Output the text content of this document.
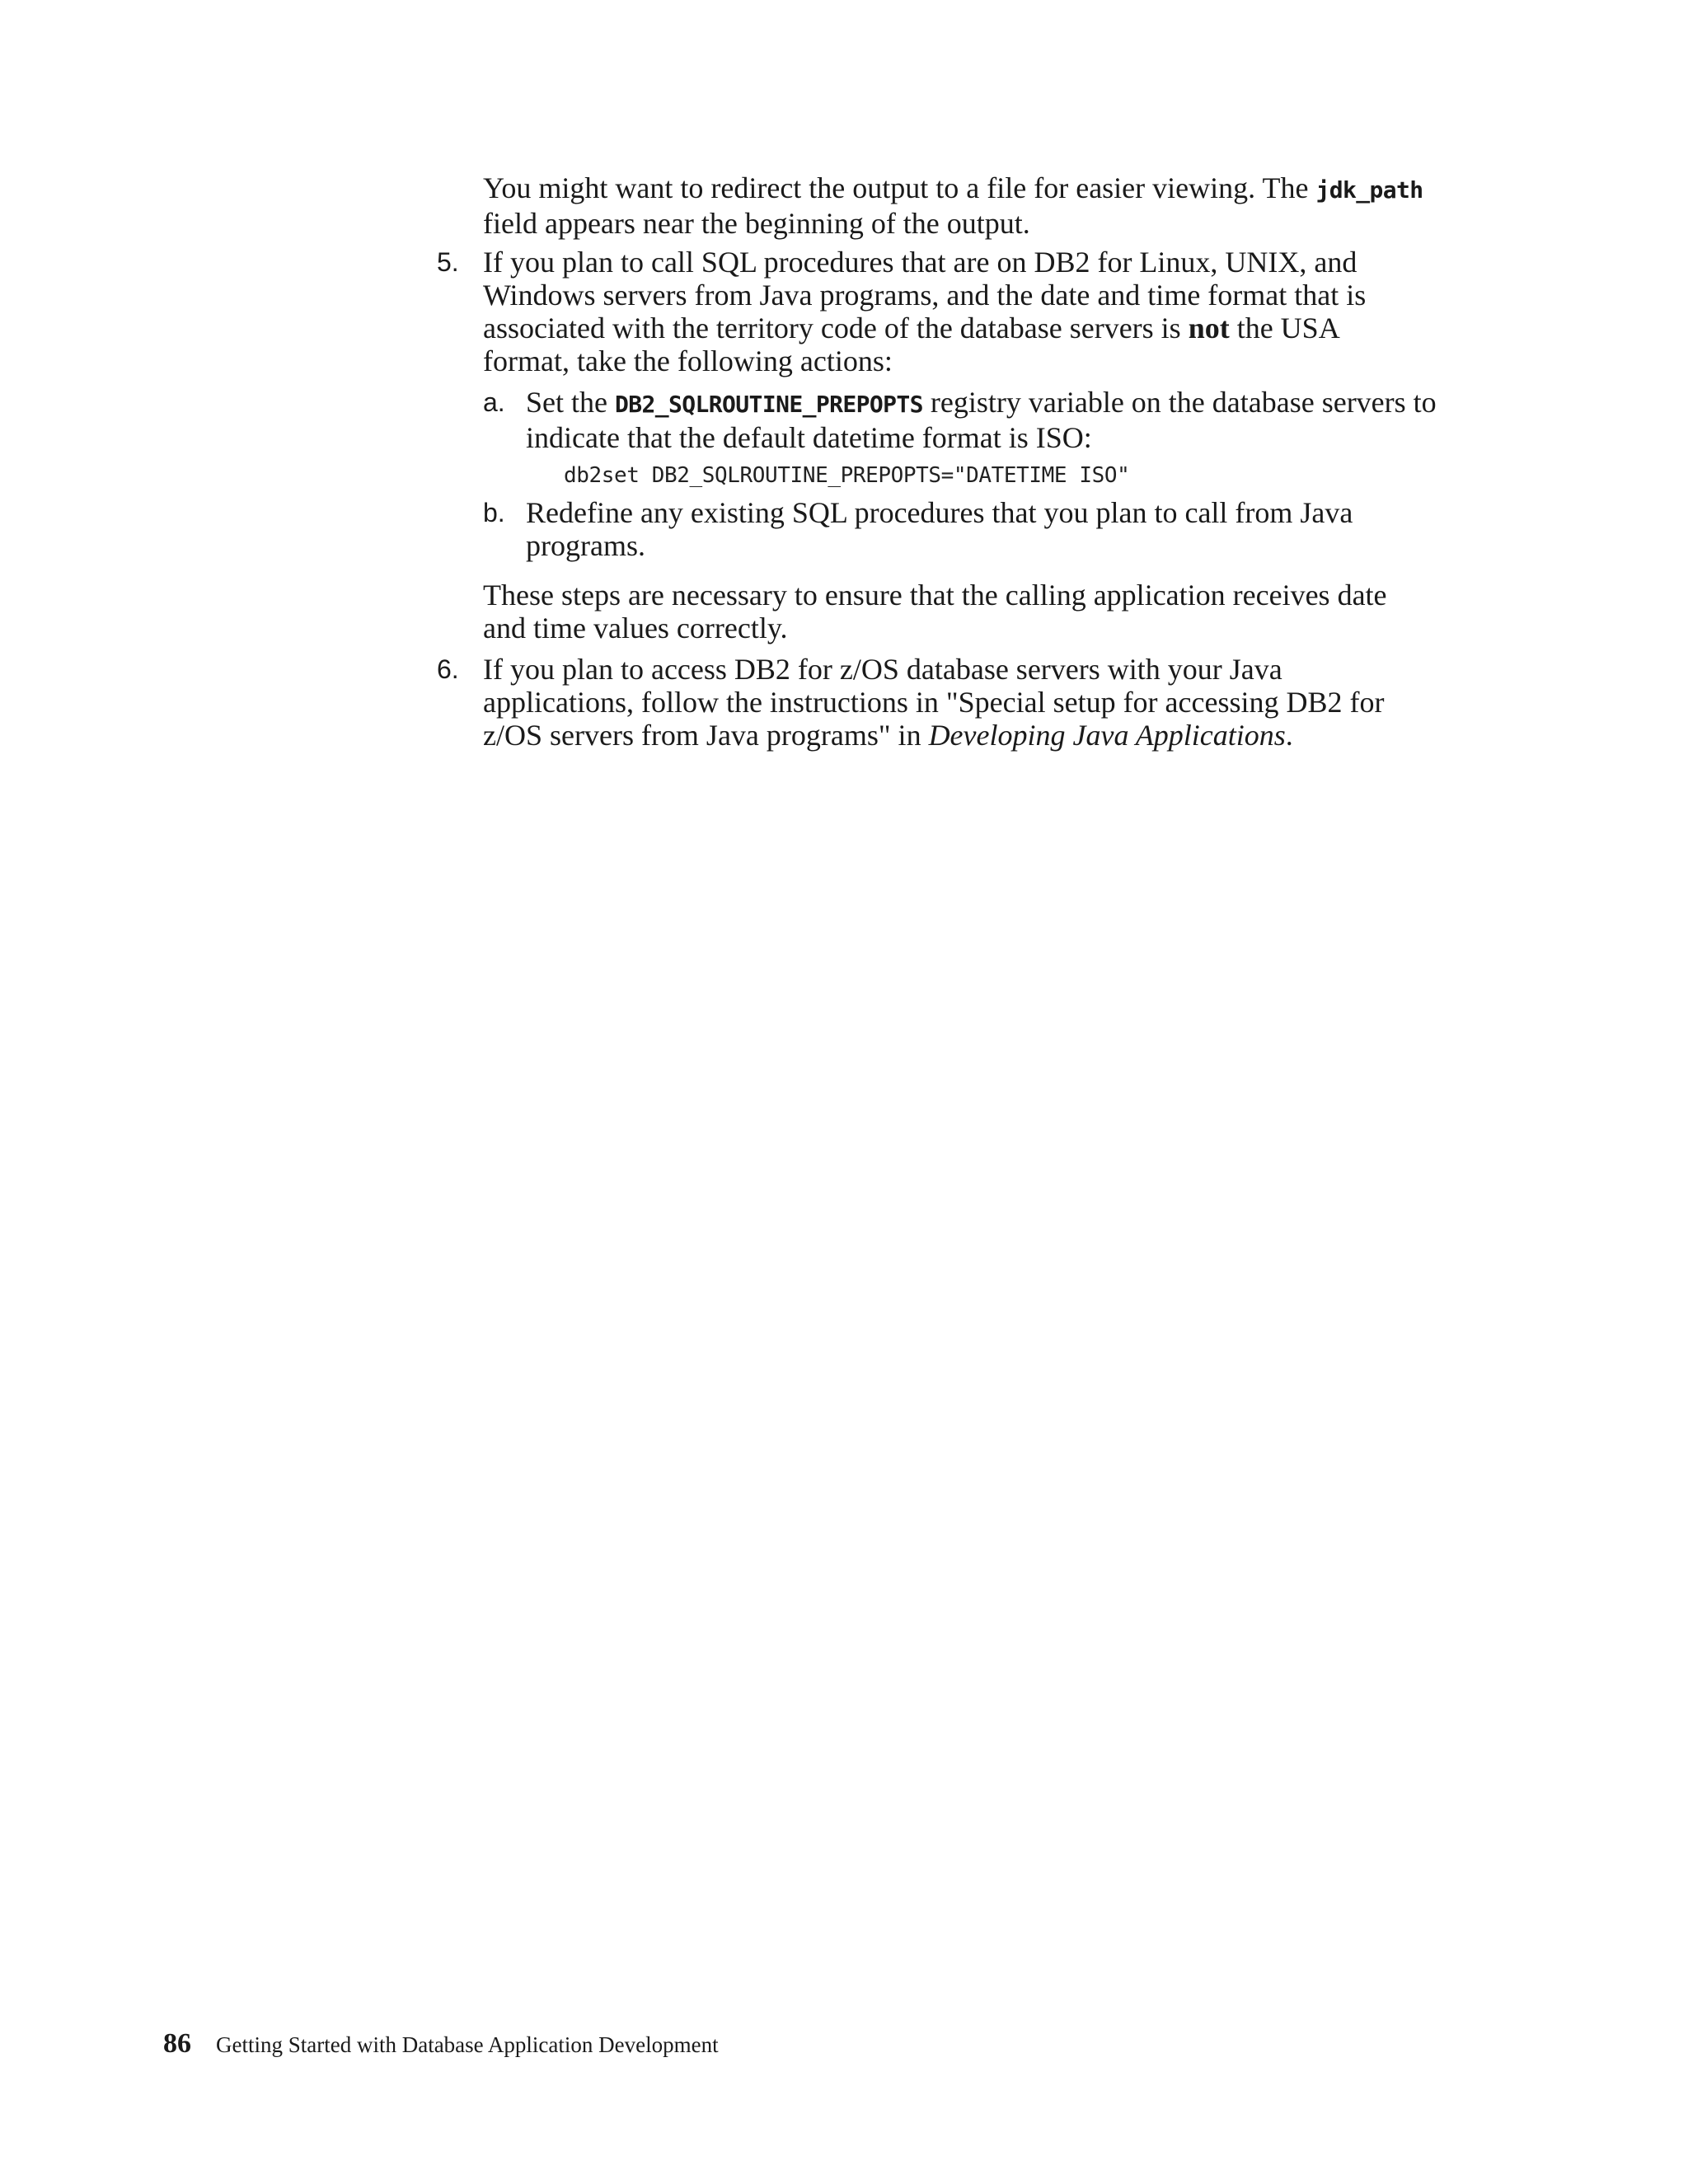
You might want to redirect the output to a file for easier viewing. The jdk_path
field appears near the beginning of the output.
5. If you plan to call SQL procedures that are on DB2 for Linux, UNIX, and
Windows servers from Java programs, and the date and time format that is
associated with the territory code of the database servers is not the USA
format, take the following actions:
a. Set the DB2_SQLROUTINE_PREPOPTS registry variable on the database servers to
indicate that the default datetime format is ISO:
db2set DB2_SQLROUTINE_PREPOPTS="DATETIME ISO"
b. Redefine any existing SQL procedures that you plan to call from Java
programs.
These steps are necessary to ensure that the calling application receives date
and time values correctly.
6. If you plan to access DB2 for z/OS database servers with your Java
applications, follow the instructions in "Special setup for accessing DB2 for
z/OS servers from Java programs" in Developing Java Applications.
86 Getting Started with Database Application Development
